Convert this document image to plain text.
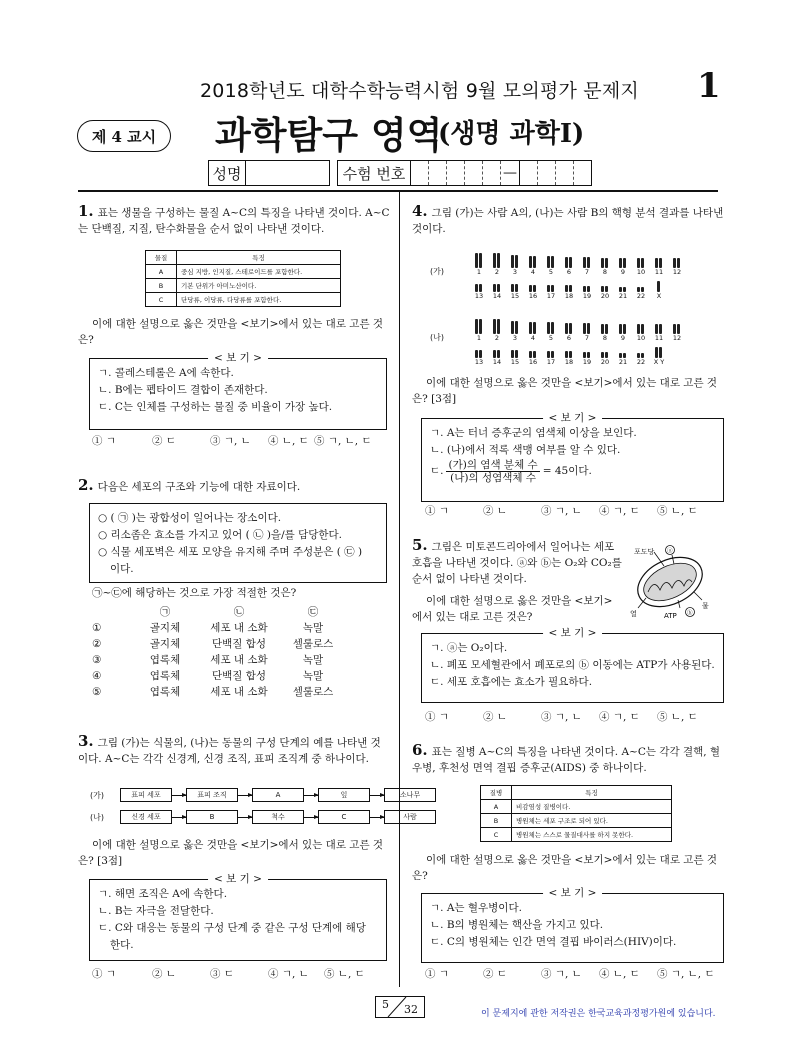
2018학년도 대학수학능력시험 9월 모의평가 문제지 1
제 4 교시	과학탐구 영역
(생명 과학Ⅰ)
성명	수험 번호	—
1. 표는 생물을 구성하는 물질 A~C의 특징을 나타낸 것이다. A~C는 단백질, 지질, 탄수화물을 순서 없이 나타낸 것이다.
물질	특징
A	중심 지방, 인지질, 스테로이드를 포함한다.
B	기본 단위가 아미노산이다.
C	단당류, 이당류, 다당류를 포함한다.
이에 대한 설명으로 옳은 것만을 <보기>에서 있는 대로 고른 것은?
< 보 기 >
ㄱ. 콜레스테롤은 A에 속한다.
ㄴ. B에는 펩타이드 결합이 존재한다.
ㄷ. C는 인체를 구성하는 물질 중 비율이 가장 높다.
① ㄱ	② ㄷ	③ ㄱ, ㄴ	④ ㄴ, ㄷ ⑤ ㄱ, ㄴ, ㄷ
2. 다음은 세포의 구조와 기능에 대한 자료이다.
○ ( ㉠ )는 광합성이 일어나는 장소이다.
○ 리소좀은 효소를 가지고 있어 ( ㉡ )을/를 담당한다.
○ 식물 세포벽은 세포 모양을 유지해 주며 주성분은 ( ㉢ )
이다.
㉠~㉢에 해당하는 것으로 가장 적절한 것은?
㉠	㉡	㉢
①	골지체	세포 내 소화	녹말
②	골지체	단백질 합성	셀룰로스
③	엽록체	세포 내 소화	녹말
④	엽록체	단백질 합성	녹말
⑤	엽록체	세포 내 소화	셀룰로스
3. 그림 (가)는 식물의, (나)는 동물의 구성 단계의 예를 나타낸 것이다. A~C는 각각 신경계, 신경 조직, 표피 조직계 중 하나이다.
(가)	표피 세포	표피 조직	A	잎	소나무
(나)	신경 세포	B	척수	C	사람
이에 대한 설명으로 옳은 것만을 <보기>에서 있는 대로 고른 것은? [3점]
< 보 기 >
ㄱ. 해면 조직은 A에 속한다.
ㄴ. B는 자극을 전달한다.
ㄷ. C와 대응는 동물의 구성 단계 중 같은 구성 단계에 해당
한다.
① ㄱ	② ㄴ	③ ㄷ	④ ㄱ, ㄴ	⑤ ㄴ, ㄷ
4. 그림 (가)는 사람 A의, (나)는 사람 B의 핵형 분석 결과를 나타낸 것이다.
(가)	1	2	3	4	5	6	7	8	9	10	11	12
13	14	15	16	17	18	19	20	21	22	X
(나)	1	2	3	4	5	6	7	8	9	10	11	12
13	14	15	16	17	18	19	20	21	22	X Y
이에 대한 설명으로 옳은 것만을 <보기>에서 있는 대로 고른 것은? [3점]
< 보 기 >
ㄱ. A는 터너 증후군의 염색체 이상을 보인다.
ㄴ. (나)에서 적록 색맹 여부를 알 수 있다.
ㄷ. (가)의 염색 분체 수
(나)의 성염색체 수
= 45이다.
① ㄱ	② ㄴ	③ ㄱ, ㄴ	④ ㄱ, ㄷ	⑤ ㄴ, ㄷ
5. 그림은 미토콘드리아에서 일어나는 세포 호흡을 나타낸 것이다. ⓐ와 ⓑ는 O₂와 CO₂를 순서 없이 나타낸 것이다.
포도당 ⓐ
ⓑ
열	ATP
물
이에 대한 설명으로 옳은 것만을 <보기>에서 있는 대로 고른 것은?
< 보 기 >
ㄱ. ⓐ는 O₂이다.
ㄴ. 폐포 모세혈관에서 폐포로의 ⓑ 이동에는 ATP가 사용된다.
ㄷ. 세포 호흡에는 효소가 필요하다.
① ㄱ	② ㄴ	③ ㄱ, ㄴ	④ ㄱ, ㄷ	⑤ ㄴ, ㄷ
6. 표는 질병 A~C의 특징을 나타낸 것이다. A~C는 각각 결핵, 혈우병, 후천성 면역 결핍 증후군(AIDS) 중 하나이다.
질병	특징
A	비감염성 질병이다.
B	병원체는 세포 구조로 되어 있다.
C	병원체는 스스로 물질대사를 하지 못한다.
이에 대한 설명으로 옳은 것만을 <보기>에서 있는 대로 고른 것은?
< 보 기 >
ㄱ. A는 혈우병이다.
ㄴ. B의 병원체는 핵산을 가지고 있다.
ㄷ. C의 병원체는 인간 면역 결핍 바이러스(HIV)이다.
① ㄱ	② ㄷ	③ ㄱ, ㄴ	④ ㄴ, ㄷ	⑤ ㄱ, ㄴ, ㄷ
5 32	이 문제지에 관한 저작권은 한국교육과정평가원에 있습니다.
